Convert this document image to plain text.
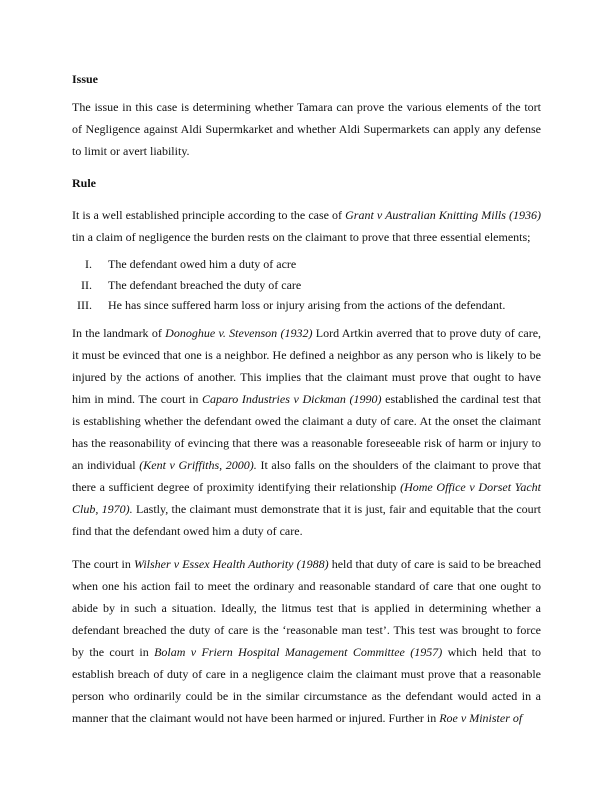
Issue

The issue in this case is determining whether Tamara can prove the various elements of the tort of Negligence against Aldi Supermkarket and whether Aldi Supermarkets can apply any defense to limit or avert liability.

Rule

It is a well established principle according to the case of Grant v Australian Knitting Mills (1936) tin a claim of negligence the burden rests on the claimant to prove that three essential elements;

I. The defendant owed him a duty of acre
II. The defendant breached the duty of care
III. He has since suffered harm loss or injury arising from the actions of the defendant.

In the landmark of Donoghue v. Stevenson (1932) Lord Artkin averred that to prove duty of care, it must be evinced that one is a neighbor. He defined a neighbor as any person who is likely to be injured by the actions of another. This implies that the claimant must prove that ought to have him in mind. The court in Caparo Industries v Dickman (1990) established the cardinal test that is establishing whether the defendant owed the claimant a duty of care. At the onset the claimant has the reasonability of evincing that there was a reasonable foreseeable risk of harm or injury to an individual (Kent v Griffiths, 2000). It also falls on the shoulders of the claimant to prove that there a sufficient degree of proximity identifying their relationship (Home Office v Dorset Yacht Club, 1970). Lastly, the claimant must demonstrate that it is just, fair and equitable that the court find that the defendant owed him a duty of care.

The court in Wilsher v Essex Health Authority (1988) held that duty of care is said to be breached when one his action fail to meet the ordinary and reasonable standard of care that one ought to abide by in such a situation. Ideally, the litmus test that is applied in determining whether a defendant breached the duty of care is the ‘reasonable man test’. This test was brought to force by the court in Bolam v Friern Hospital Management Committee (1957) which held that to establish breach of duty of care in a negligence claim the claimant must prove that a reasonable person who ordinarily could be in the similar circumstance as the defendant would acted in a manner that the claimant would not have been harmed or injured. Further in Roe v Minister of
